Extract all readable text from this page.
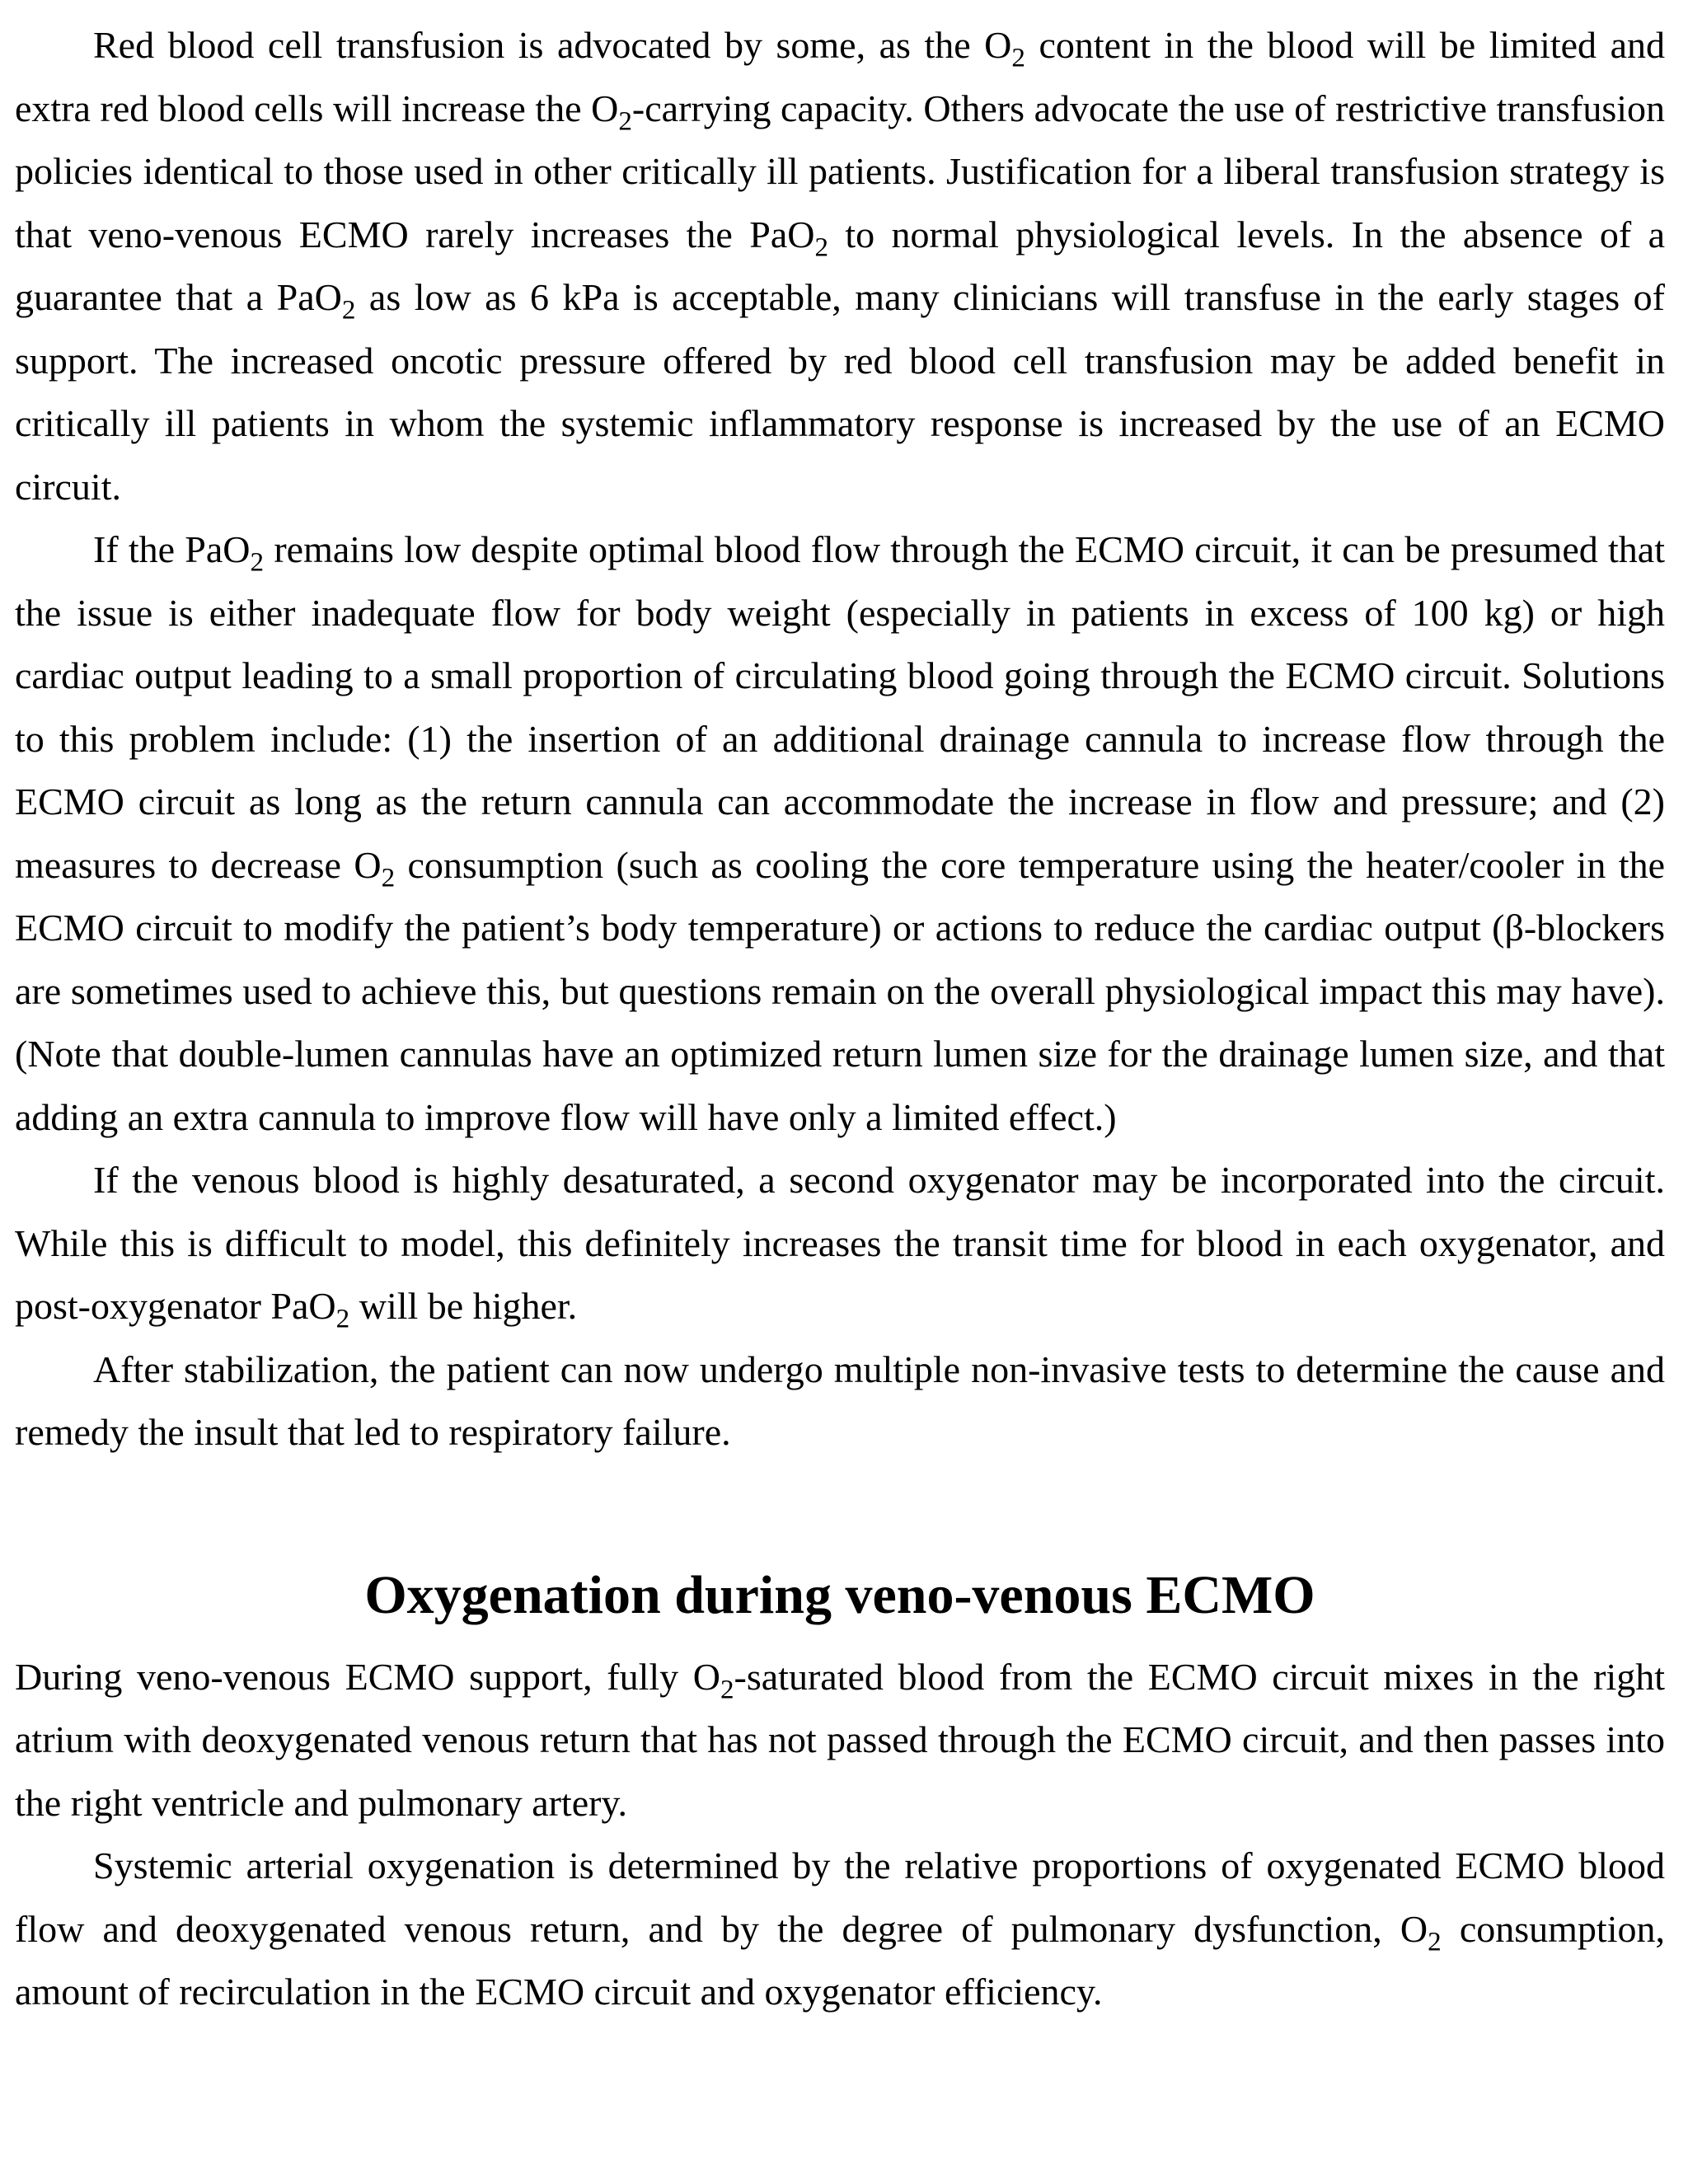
Red blood cell transfusion is advocated by some, as the $O_2$ content in the blood will be limited and extra red blood cells will increase the $O_2$-carrying capacity. Others advocate the use of restrictive transfusion policies identical to those used in other critically ill patients. Justification for a liberal transfusion strategy is that veno-venous ECMO rarely increases the PaO$_2$ to normal physiological levels. In the absence of a guarantee that a PaO$_2$ as low as 6 kPa is acceptable, many clinicians will transfuse in the early stages of support. The increased oncotic pressure offered by red blood cell transfusion may be added benefit in critically ill patients in whom the systemic inflammatory response is increased by the use of an ECMO circuit.

If the PaO$_2$ remains low despite optimal blood flow through the ECMO circuit, it can be presumed that the issue is either inadequate flow for body weight (especially in patients in excess of 100 kg) or high cardiac output leading to a small proportion of circulating blood going through the ECMO circuit. Solutions to this problem include: (1) the insertion of an additional drainage cannula to increase flow through the ECMO circuit as long as the return cannula can accommodate the increase in flow and pressure; and (2) measures to decrease $O_2$ consumption (such as cooling the core temperature using the heater/cooler in the ECMO circuit to modify the patient’s body temperature) or actions to reduce the cardiac output (β-blockers are sometimes used to achieve this, but questions remain on the overall physiological impact this may have). (Note that double-lumen cannulas have an optimized return lumen size for the drainage lumen size, and that adding an extra cannula to improve flow will have only a limited effect.)

If the venous blood is highly desaturated, a second oxygenator may be incorporated into the circuit. While this is difficult to model, this definitely increases the transit time for blood in each oxygenator, and post-oxygenator PaO$_2$ will be higher.

After stabilization, the patient can now undergo multiple non-invasive tests to determine the cause and remedy the insult that led to respiratory failure.

Oxygenation during veno-venous ECMO

During veno-venous ECMO support, fully $O_2$-saturated blood from the ECMO circuit mixes in the right atrium with deoxygenated venous return that has not passed through the ECMO circuit, and then passes into the right ventricle and pulmonary artery.

Systemic arterial oxygenation is determined by the relative proportions of oxygenated ECMO blood flow and deoxygenated venous return, and by the degree of pulmonary dysfunction, $O_2$ consumption, amount of recirculation in the ECMO circuit and oxygenator efficiency.
